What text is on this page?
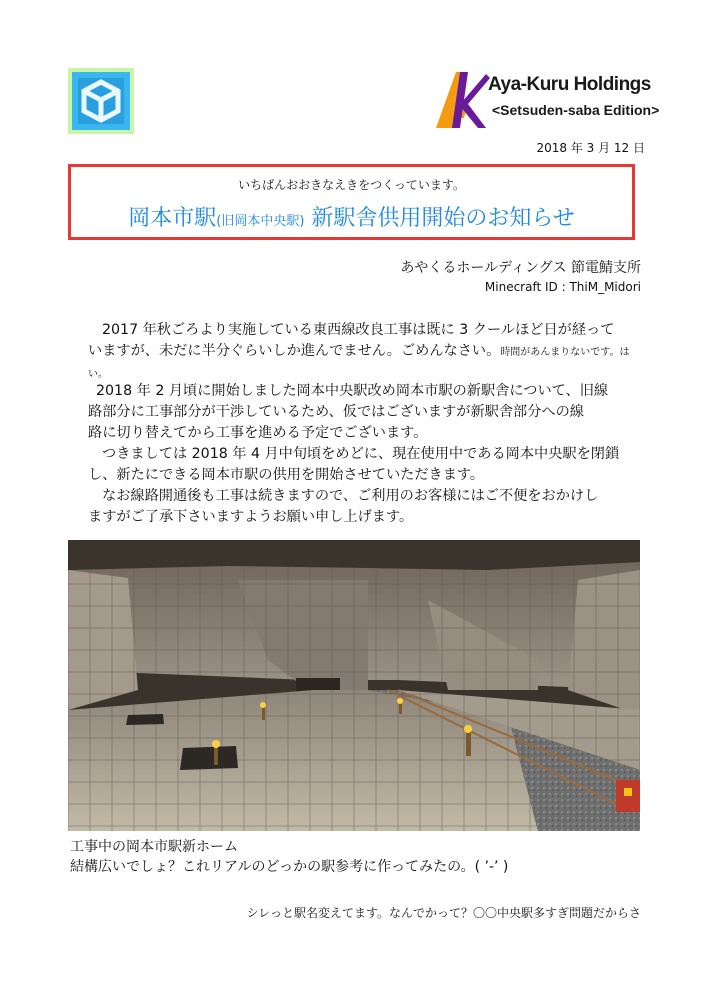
Aya-Kuru Holdings
<Setsuden-saba Edition>
2018 年 3 月 12 日
いちばんおおきなえきをつくっています。
岡本市駅(旧岡本中央駅) 新駅舎供用開始のお知らせ
あやくるホールディングス 節電鯖支所
Minecraft ID : ThiM_Midori
2017 年秋ごろより実施している東西線改良工事は既に 3 クールほど日が経って
いますが、未だに半分ぐらいしか進んでません。ごめんなさい。時間があんまりないです。はい。
2018 年 2 月頃に開始しました岡本中央駅改め岡本市駅の新駅舎について、旧線
路部分に工事部分が干渉しているため、仮ではございますが新駅舎部分への線
路に切り替えてから工事を進める予定でございます。
つきましては 2018 年 4 月中旬頃をめどに、現在使用中である岡本中央駅を閉鎖
し、新たにできる岡本市駅の供用を開始させていただきます。
なお線路開通後も工事は続きますので、ご利用のお客様にはご不便をおかけし
ますがご了承下さいますようお願い申し上げます。
工事中の岡本市駅新ホーム
結構広いでしょ？これリアルのどっかの駅参考に作ってみたの。( ’-’ )
シレっと駅名変えてます。なんでかって？〇〇中央駅多すぎ問題だからさ
